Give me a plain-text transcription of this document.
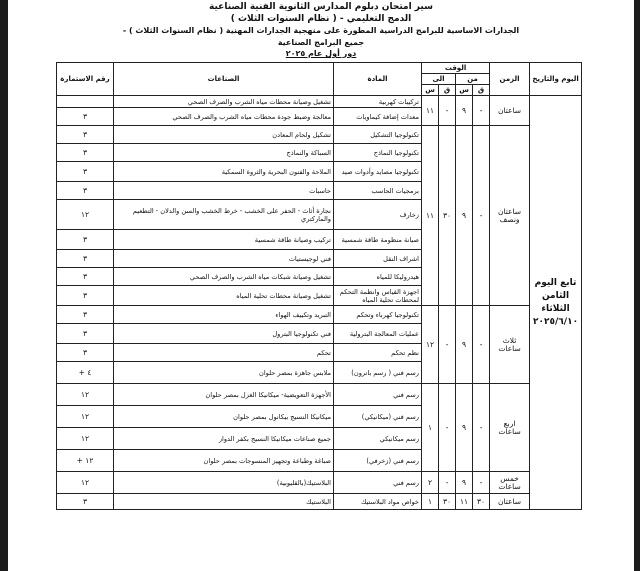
سير امتحان دبلوم المدارس الثانوية الفنية الصناعية
( نظام السنوات الثلاث ) - الدمج التعليمي
- الجدارات الاساسية للبرامج الدراسية المطورة على منهجية الجدارات المهنية ( نظام السنوات الثلاث )
جميع البرامج الصناعية
دور أول عام ٢٠٢٥
اليوم والتاريخ	الزمن	الوقت				المادة	الصناعات	رقم الاستمارة
		من		الى				
		ق	س	ق	س			
تابع اليوم الثامن الثلاثاء ٢٠٢٥/٦/١٠	ساعتان	-	٩	-	١١	تركيبات كهربية	تشغيل وصيانة محطات مياه الشرب والصرف الصحي	
						معدات إضافة كيماويات	معالجة وضبط جودة محطات مياه الشرب والصرف الصحي	٣
	ساعتان ونصف	-	٩	٣٠	١١	تكنولوجيا التشكيل	تشكيل ولحام المعادن	٣
						تكنولوجيا النماذج	السباكة والنماذج	٣
						تكنولوجيا مصايد وأدوات صيد	الملاحة والفنون البحرية والثروة السمكية	٣
						برمجيات الحاسب	حاسبات	٣
						زخارف	نجارة أثاث - الحفر على الخشب - خرط الخشب والسن والدلان - التطعيم والماركتري	١٢
						صيانة منظومة طاقة شمسية	تركيب وصيانة طاقة شمسية	٣
						اشراف النقل	فني لوجيستيات	٣
						هيدروليكا للمياه	تشغيل وصيانة شبكات مياه الشرب والصرف الصحي	٣
						اجهزة القياس وانظمة التحكم لمحطات تحلية المياه	تشغيل وصيانة محطات تحلية المياه	٣
	ثلاث ساعات	-	٩	-	١٢	تكنولوجيا كهرباء وتحكم	التبريد وتكييف الهواء	٣
						عمليات المعالجة البترولية	فني تكنولوجيا البترول	٣
						نظم تحكم	تحكم	٣
						رسم فني ( رسم باترون)	ملابس جاهزة بمصر حلوان	٤ +
	اربع ساعات	-	٩	-	١	رسم فني	الأجهزة التعويضية- ميكانيكا الغزل بمصر حلوان	١٢
						رسم فني (ميكانيكي)	ميكانيكا النسيج بيكانول بمصر حلوان	١٢
						رسم ميكانيكي	جميع صناعات ميكانيكا النسيج بكفر الدوار	١٢
						رسم فني (زخرفي)	صباغة وطباعة وتجهيز المنسوجات بمصر حلوان	١٢ +
	خمس ساعات	-	٩	-	٢	رسم فني	البلاستيك(بالقليوبية)	١٢
	ساعتان	٣٠	١١	٣٠	١	خواص مواد البلاستيك	البلاستيك	٣
